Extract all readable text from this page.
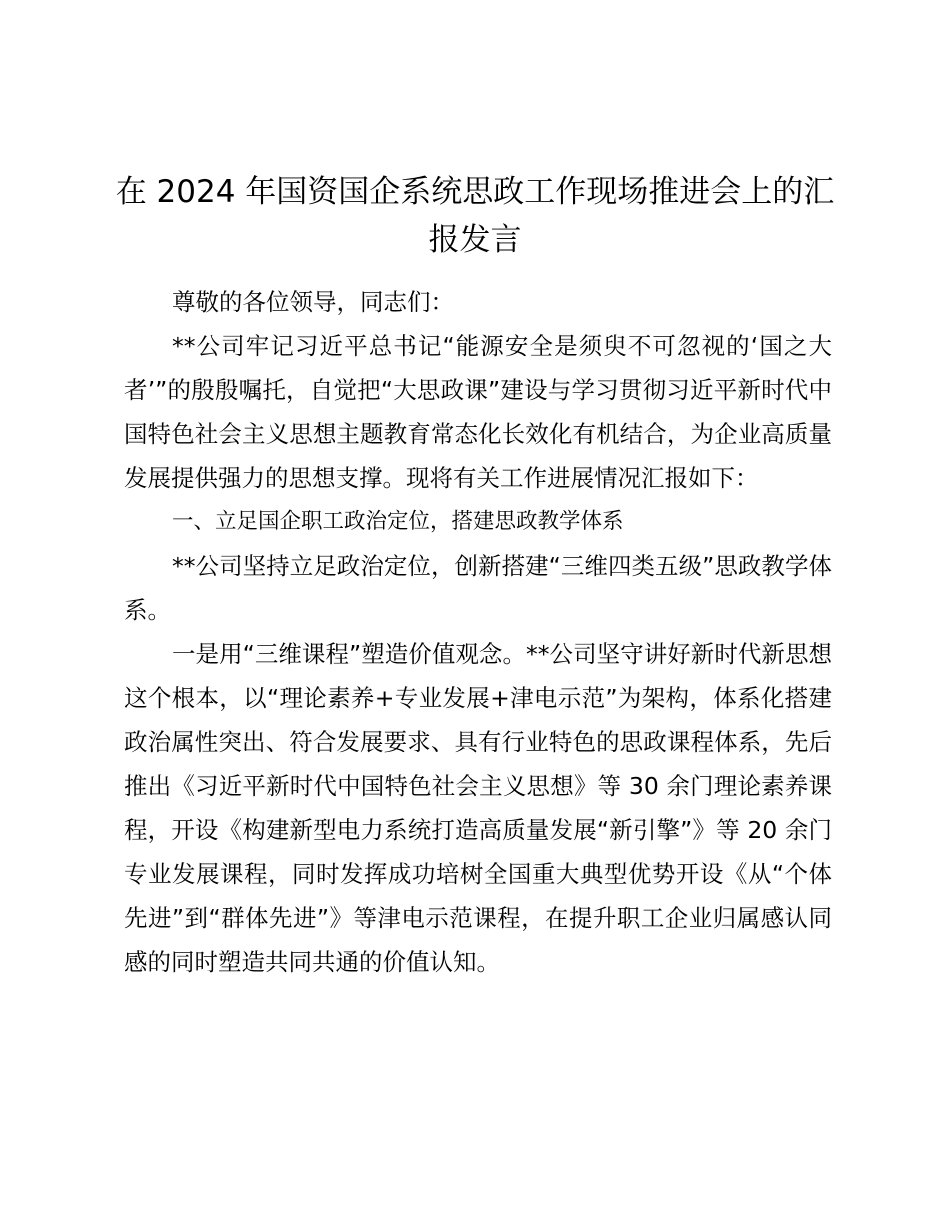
在 2024 年国资国企系统思政工作现场推进会上的汇报发言

尊敬的各位领导，同志们：

**公司牢记习近平总书记“能源安全是须臾不可忽视的‘国之大者’”的殷殷嘱托，自觉把“大思政课”建设与学习贯彻习近平新时代中国特色社会主义思想主题教育常态化长效化有机结合，为企业高质量发展提供强力的思想支撑。现将有关工作进展情况汇报如下：

一、立足国企职工政治定位，搭建思政教学体系

**公司坚持立足政治定位，创新搭建“三维四类五级”思政教学体系。

一是用“三维课程”塑造价值观念。**公司坚守讲好新时代新思想这个根本，以“理论素养+专业发展+津电示范”为架构，体系化搭建政治属性突出、符合发展要求、具有行业特色的思政课程体系，先后推出《习近平新时代中国特色社会主义思想》等 30 余门理论素养课程，开设《构建新型电力系统打造高质量发展“新引擎”》等 20 余门专业发展课程，同时发挥成功培树全国重大典型优势开设《从“个体先进”到“群体先进”》等津电示范课程，在提升职工企业归属感认同感的同时塑造共同共通的价值认知。
